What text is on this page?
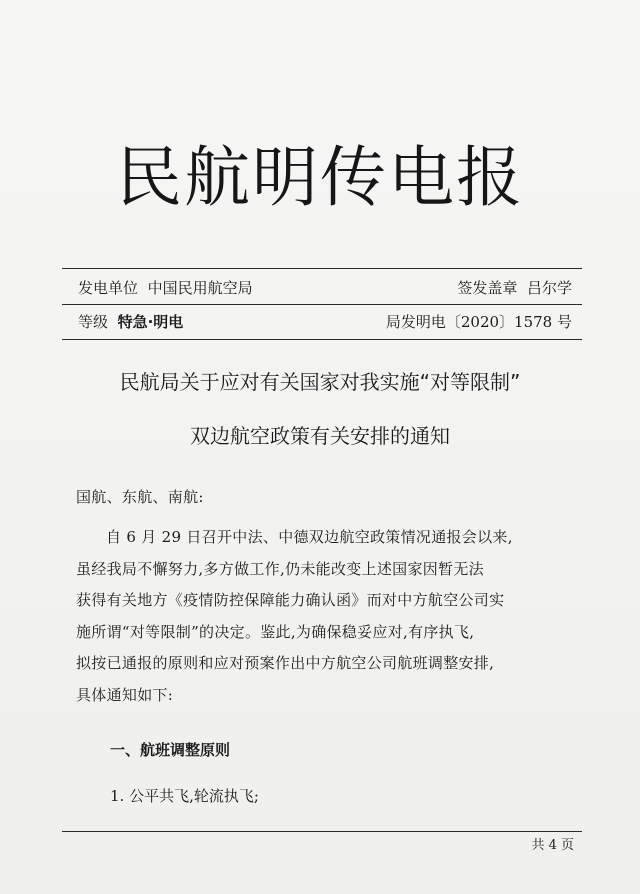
民航明传电报
发电单位 中国民用航空局	签发盖章 吕尔学
等级 特急·明电	局发明电〔2020〕1578 号
民航局关于应对有关国家对我实施“对等限制”
双边航空政策有关安排的通知
国航、东航、南航:
自 6 月 29 日召开中法、中德双边航空政策情况通报会以来,
虽经我局不懈努力,多方做工作,仍未能改变上述国家因暂无法
获得有关地方《疫情防控保障能力确认函》而对中方航空公司实
施所谓“对等限制”的决定。鉴此,为确保稳妥应对,有序执飞,
拟按已通报的原则和应对预案作出中方航空公司航班调整安排,
具体通知如下:
一、航班调整原则
1. 公平共飞,轮流执飞;
共 4 页
